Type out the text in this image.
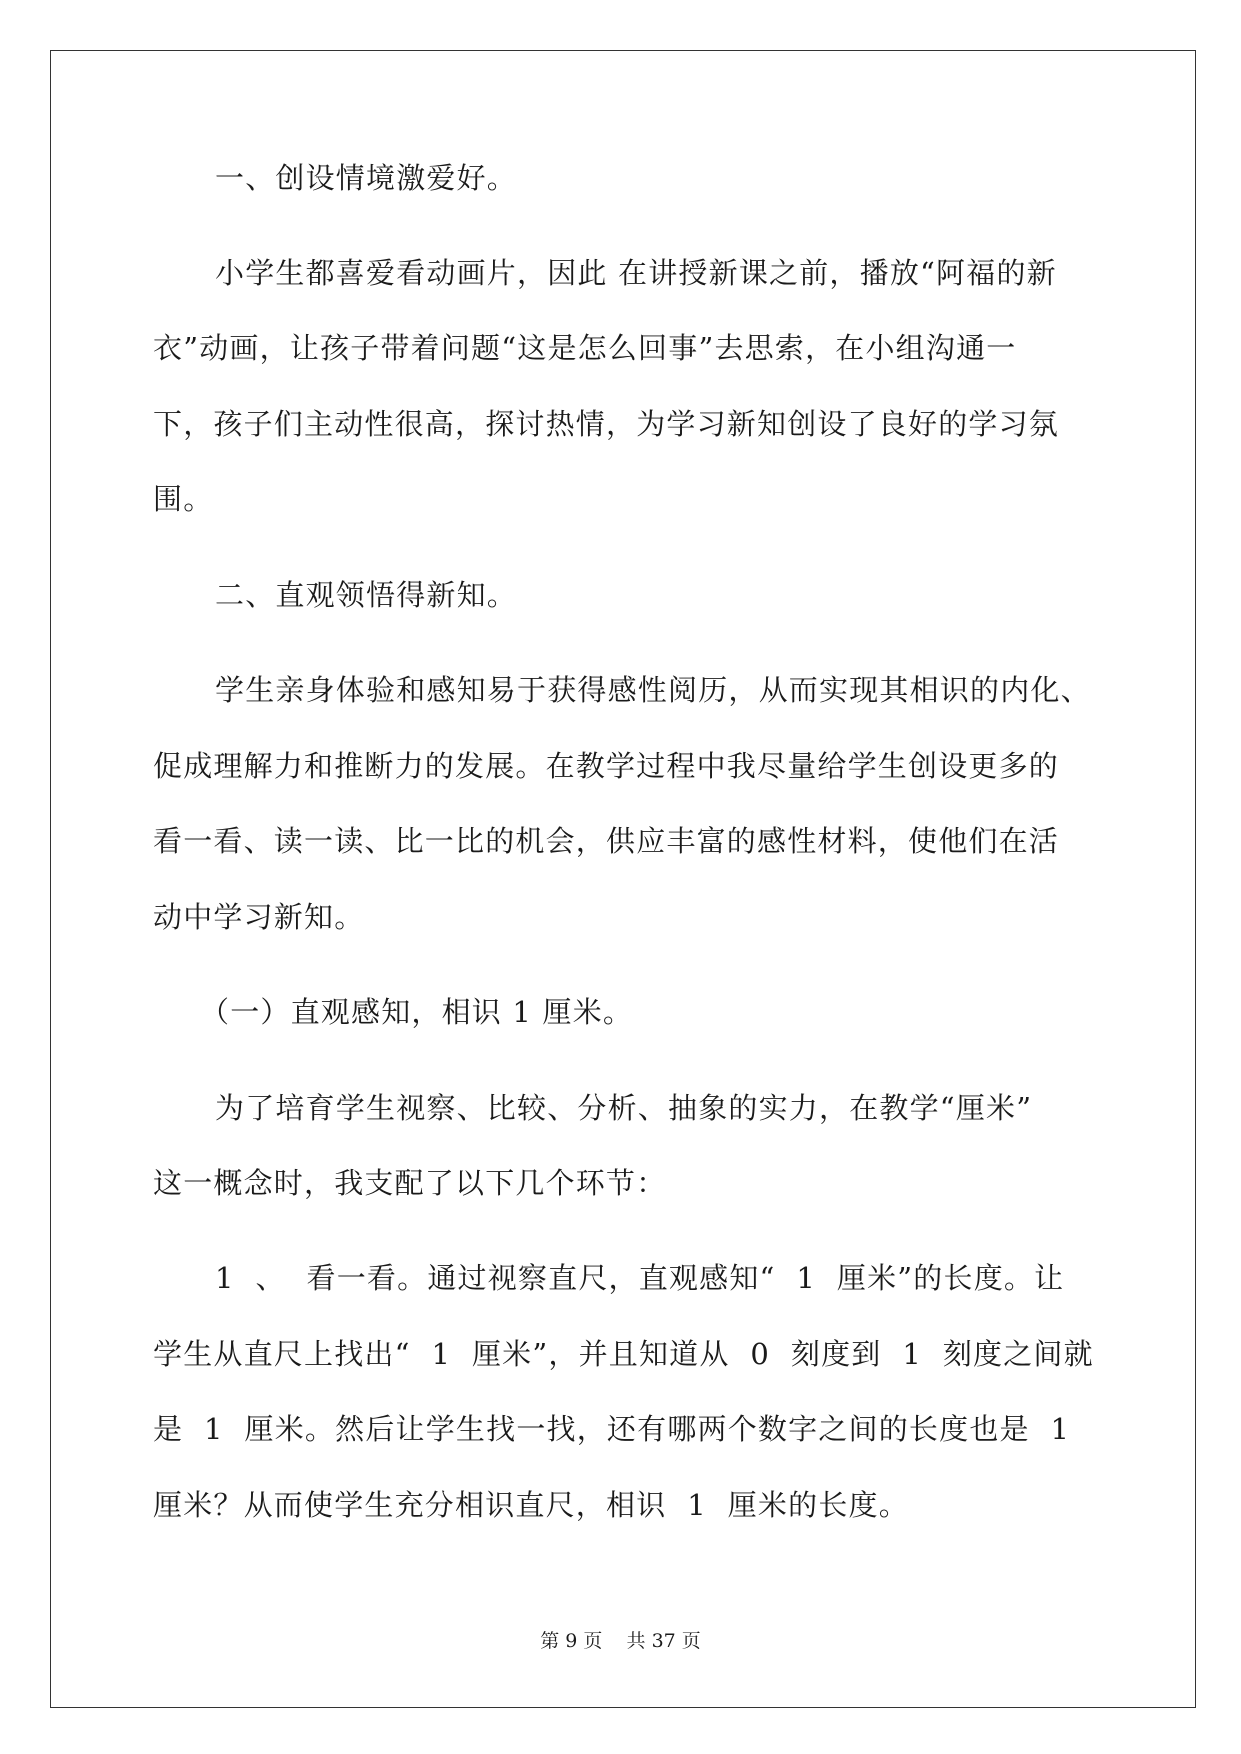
一、创设情境激爱好。
小学生都喜爱看动画片，因此 在讲授新课之前，播放“阿福的新
衣”动画，让孩子带着问题“这是怎么回事”去思索，在小组沟通一
下，孩子们主动性很高，探讨热情，为学习新知创设了良好的学习氛
围。
二、直观领悟得新知。
学生亲身体验和感知易于获得感性阅历，从而实现其相识的内化、
促成理解力和推断力的发展。在教学过程中我尽量给学生创设更多的
看一看、读一读、比一比的机会，供应丰富的感性材料，使他们在活
动中学习新知。
（一）直观感知，相识 1 厘米。
为了培育学生视察、比较、分析、抽象的实力，在教学“厘米”
这一概念时，我支配了以下几个环节：
1  、  看一看。通过视察直尺，直观感知“  1  厘米”的长度。让
学生从直尺上找出“  1  厘米”，并且知道从  0  刻度到  1  刻度之间就
是  1  厘米。然后让学生找一找，还有哪两个数字之间的长度也是  1
厘米？从而使学生充分相识直尺，相识  1  厘米的长度。
第 9 页    共 37 页
